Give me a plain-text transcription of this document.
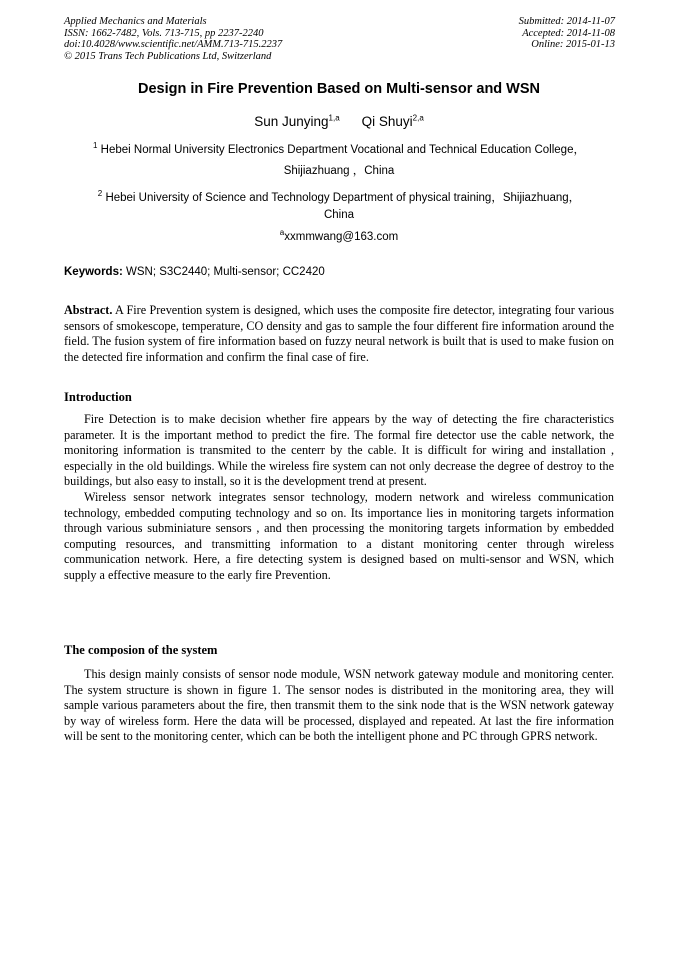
Applied Mechanics and Materials
ISSN: 1662-7482, Vols. 713-715, pp 2237-2240
doi:10.4028/www.scientific.net/AMM.713-715.2237
© 2015 Trans Tech Publications Ltd, Switzerland
Submitted: 2014-11-07
Accepted: 2014-11-08
Online: 2015-01-13
Design in Fire Prevention Based on Multi-sensor and WSN
Sun Junying$^{1,a}$ Qi Shuyi$^{2,a}$
$^1$ Hebei Normal University Electronics Department Vocational and Technical Education College，
Shijiazhuang ，China
$^2$ Hebei University of Science and Technology Department of physical training，Shijiazhuang，
China
$^a$xxmmwang@163.com
Keywords: WSN; S3C2440; Multi-sensor; CC2420

Abstract. A Fire Prevention system is designed, which uses the composite fire detector, integrating four various sensors of smokescope, temperature, CO density and gas to sample the four different fire information around the field. The fusion system of fire information based on fuzzy neural network is built that is used to make fusion on the detected fire information and confirm the final case of fire.

Introduction

Fire Detection is to make decision whether fire appears by the way of detecting the fire characteristics parameter. It is the important method to predict the fire. The formal fire detector use the cable network, the monitoring information is transmited to the centerr by the cable. It is difficult for wiring and installation , especially in the old buildings. While the wireless fire system can not only decrease the degree of destroy to the buildings, but also easy to install, so it is the development trend at present.

Wireless sensor network integrates sensor technology, modern network and wireless communication technology, embedded computing technology and so on. Its importance lies in monitoring targets information through various subminiature sensors , and then processing the monitoring targets information by embedded computing resources, and transmitting information to a distant monitoring center through wireless communication network. Here, a fire detecting system is designed based on multi-sensor and WSN, which supply a effective measure to the early fire Prevention.

The composion of the system

This design mainly consists of sensor node module, WSN network gateway module and monitoring center. The system structure is shown in figure 1. The sensor nodes is distributed in the monitoring area, they will sample various parameters about the fire, then transmit them to the sink node that is the WSN network gateway by way of wireless form. Here the data will be processed, displayed and repeated. At last the fire information will be sent to the monitoring center, which can be both the intelligent phone and PC through GPRS network.
